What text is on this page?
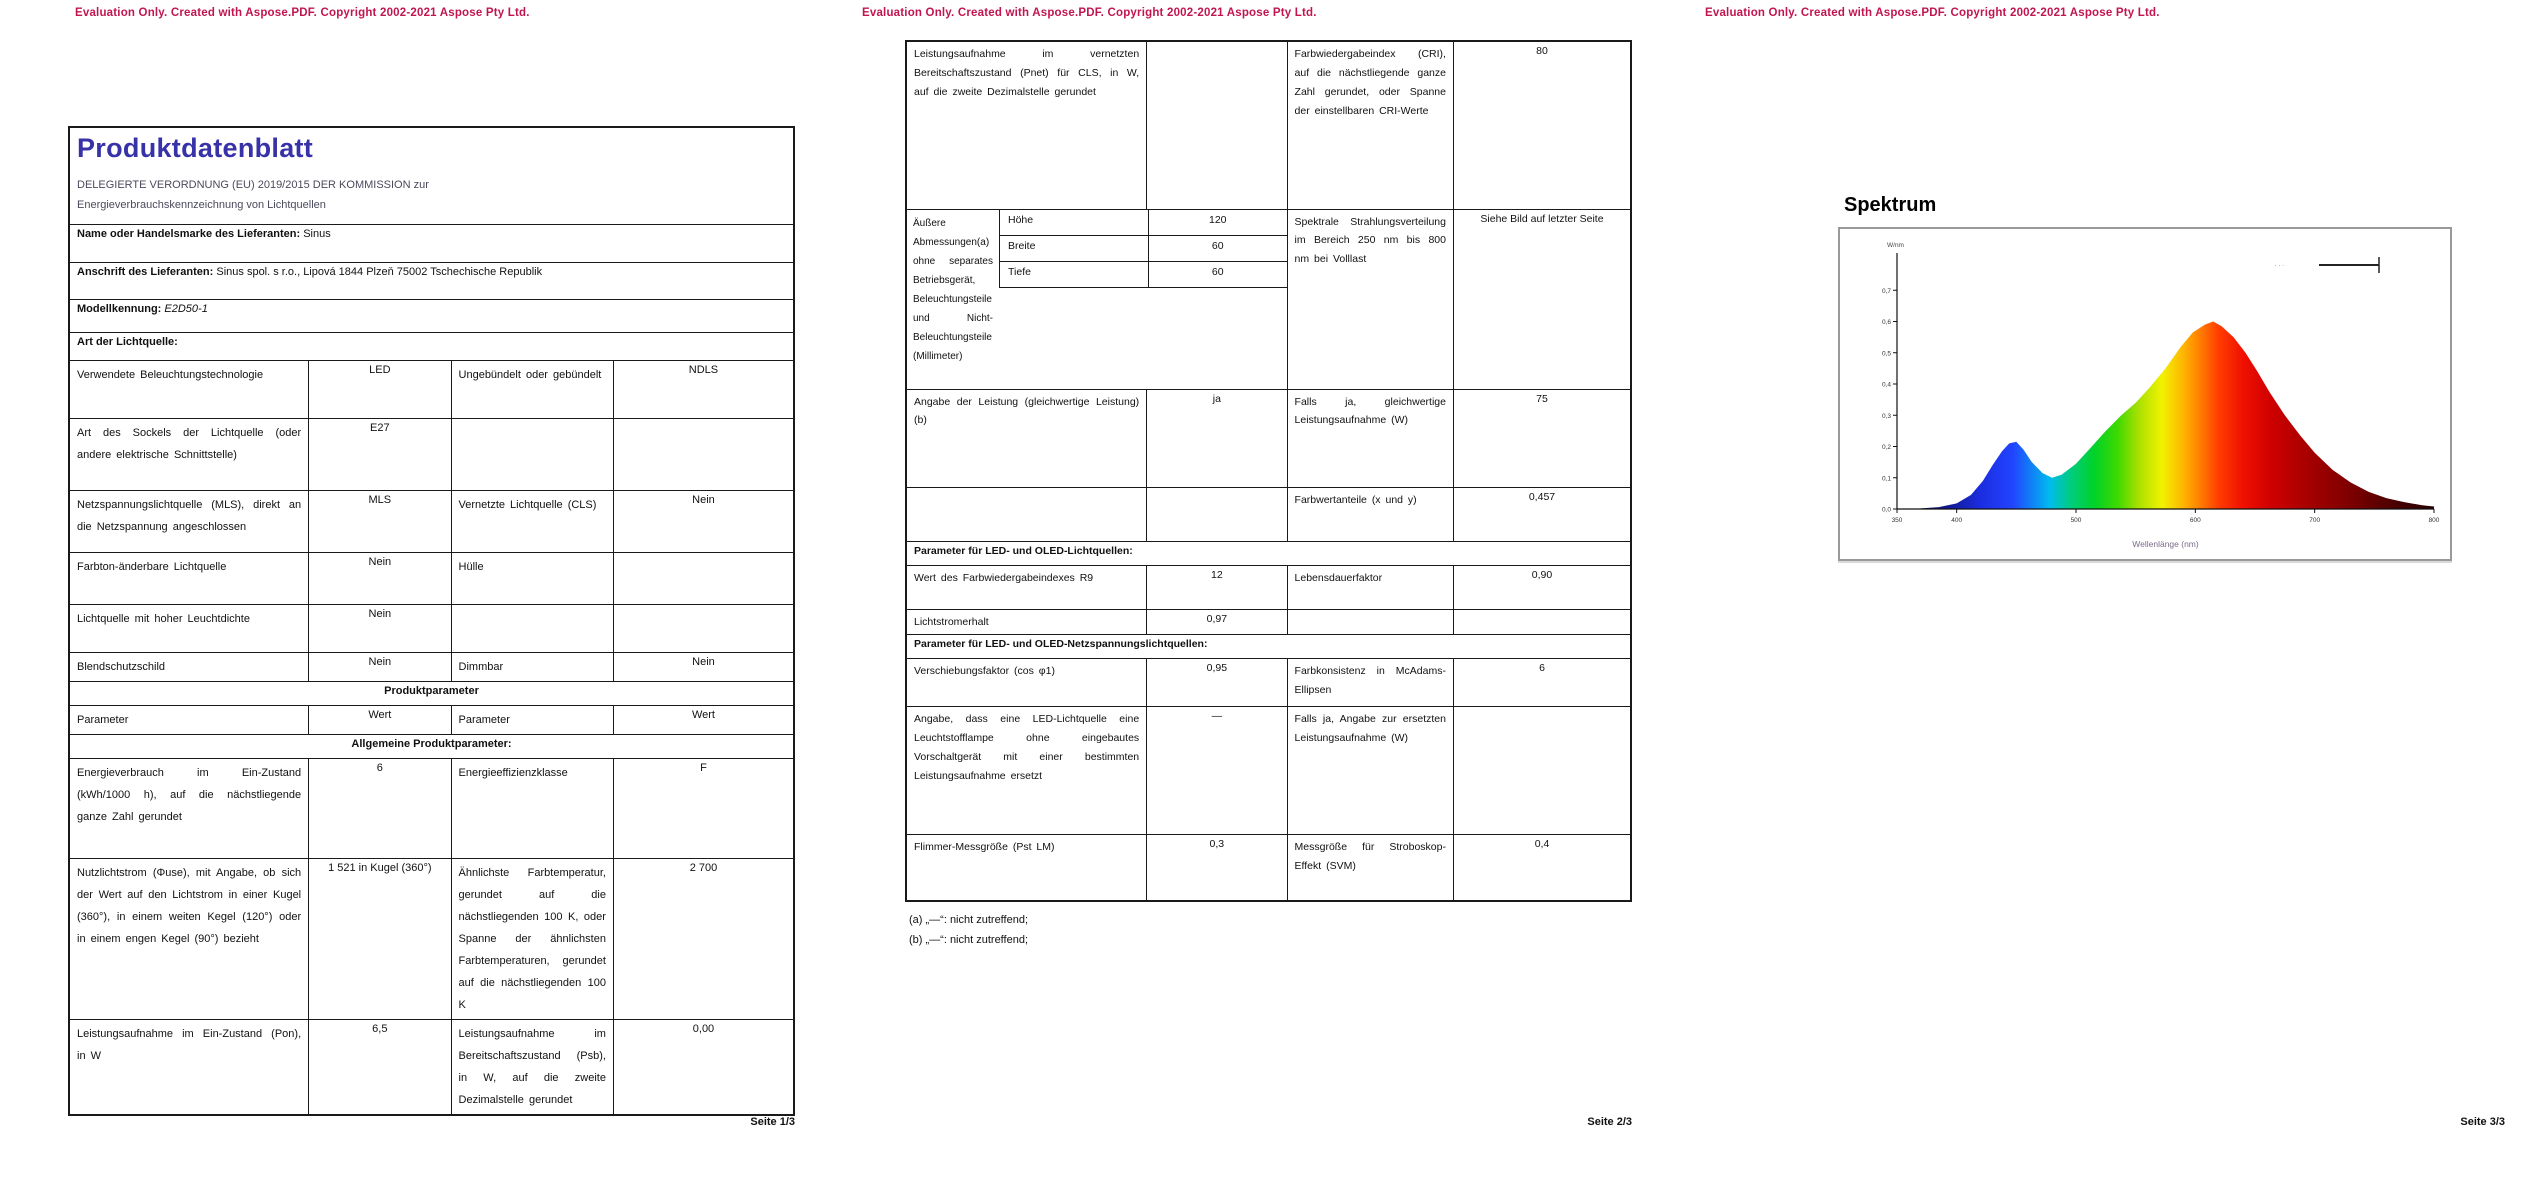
Evaluation Only. Created with Aspose.PDF. Copyright 2002-2021 Aspose Pty Ltd.	Evaluation Only. Created with Aspose.PDF. Copyright 2002-2021 Aspose Pty Ltd.	Evaluation Only. Created with Aspose.PDF. Copyright 2002-2021 Aspose Pty Ltd.
Produktdatenblatt
DELEGIERTE VERORDNUNG (EU) 2019/2015 DER KOMMISSION zur
Energieverbrauchskennzeichnung von Lichtquellen

Name oder Handelsmarke des Lieferanten: Sinus			
Anschrift des Lieferanten: Sinus spol. s r.o., Lipová 1844 Plzeň 75002 Tschechische Republik			
Modellkennung: E2D50-1			
Art der Lichtquelle:			
Verwendete Beleuchtungstechnologie	LED	Ungebündelt oder gebündelt	NDLS
Art des Sockels der Lichtquelle (oder andere elektrische Schnittstelle)	E27		
Netzspannungslichtquelle (MLS), direkt an die Netzspannung angeschlossen	MLS	Vernetzte Lichtquelle (CLS)	Nein
Farbton-änderbare Lichtquelle	Nein	Hülle	
Lichtquelle mit hoher Leuchtdichte	Nein		
Blendschutzschild	Nein	Dimmbar	Nein
Produktparameter			
Parameter	Wert	Parameter	Wert
Allgemeine Produktparameter:			
Energieverbrauch im Ein-Zustand (kWh/1000 h), auf die nächstliegende ganze Zahl gerundet	6	Energieeffizienzklasse	F
Nutzlichtstrom (Φuse), mit Angabe, ob sich der Wert auf den Lichtstrom in einer Kugel (360°), in einem weiten Kegel (120°) oder in einem engen Kegel (90°) bezieht	1 521 in Kugel (360°)	Ähnlichste Farbtemperatur, gerundet auf die nächstliegenden 100 K, oder Spanne der ähnlichsten Farbtemperaturen, gerundet auf die nächstliegenden 100 K	2 700
Leistungsaufnahme im Ein-Zustand (Pon), in W	6,5	Leistungsaufnahme im Bereitschaftszustand (Psb), in W, auf die zweite Dezimalstelle gerundet	0,00
Leistungsaufnahme im vernetzten Bereitschaftszustand (Pnet) für CLS, in W, auf die zweite Dezimalstelle gerundet		Farbwiedergabeindex (CRI), auf die nächstliegende ganze Zahl gerundet, oder Spanne der einstellbaren CRI-Werte	80

Äußere Abmessungen(a) ohne separates Betriebsgerät, Beleuchtungsteile und Nicht-Beleuchtungsteile (Millimeter)
Höhe	120
Breite	60
Tiefe	60
	Spektrale Strahlungsverteilung im Bereich 250 nm bis 800 nm bei Volllast	Siehe Bild auf letzter Seite
Angabe der Leistung (gleichwertige Leistung)(b)	ja	Falls ja, gleichwertige Leistungsaufnahme (W)	75
		Farbwertanteile (x und y)	0,457
Parameter für LED- und OLED-Lichtquellen:			
Wert des Farbwiedergabeindexes R9	12	Lebensdauerfaktor	0,90
Lichtstromerhalt	0,97		
Parameter für LED- und OLED-Netzspannungslichtquellen:			
Verschiebungsfaktor (cos φ1)	0,95	Farbkonsistenz in McAdams-Ellipsen	6
Angabe, dass eine LED-Lichtquelle eine Leuchtstofflampe ohne eingebautes Vorschaltgerät mit einer bestimmten Leistungsaufnahme ersetzt	—	Falls ja, Angabe zur ersetzten Leistungsaufnahme (W)	
Flimmer-Messgröße (Pst LM)	0,3	Messgröße für Stroboskop-Effekt (SVM)	0,4
(a) „—“: nicht zutreffend;
(b) „—“: nicht zutreffend;
Spektrum
0,0
0,1
0,2
0,3
0,4
0,5
0,6
0,7
350	400	500	600	700	800
W/nm
Wellenlänge (nm)
· · ·
Seite 1/3	Seite 2/3	Seite 3/3
